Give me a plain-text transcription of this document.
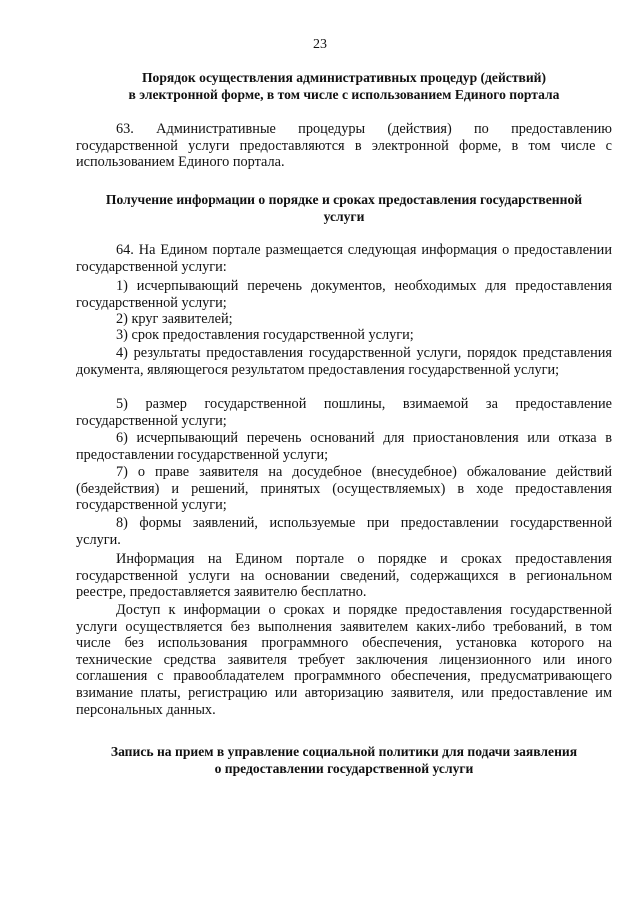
23
Порядок осуществления административных процедур (действий)
в электронной форме, в том числе с использованием Единого портала
63. Административные процедуры (действия) по предоставлению государственной услуги предоставляются в электронной форме, в том числе с использованием Единого портала.
Получение информации о порядке и сроках предоставления государственной
услуги
64. На Едином портале размещается следующая информация о предоставлении государственной услуги:
1) исчерпывающий перечень документов, необходимых для предоставления государственной услуги;
2) круг заявителей;
3) срок предоставления государственной услуги;
4) результаты предоставления государственной услуги, порядок представления документа, являющегося результатом предоставления государственной услуги;
5) размер государственной пошлины, взимаемой за предоставление государственной услуги;
6) исчерпывающий перечень оснований для приостановления или отказа в предоставлении государственной услуги;
7) о праве заявителя на досудебное (внесудебное) обжалование действий (бездействия) и решений, принятых (осуществляемых) в ходе предоставления государственной услуги;
8) формы заявлений, используемые при предоставлении государственной услуги.
Информация на Едином портале о порядке и сроках предоставления государственной услуги на основании сведений, содержащихся в региональном реестре, предоставляется заявителю бесплатно.
Доступ к информации о сроках и порядке предоставления государственной услуги осуществляется без выполнения заявителем каких-либо требований, в том числе без использования программного обеспечения, установка которого на технические средства заявителя требует заключения лицензионного или иного соглашения с правообладателем программного обеспечения, предусматривающего взимание платы, регистрацию или авторизацию заявителя, или предоставление им персональных данных.
Запись на прием в управление социальной политики для подачи заявления
о предоставлении государственной услуги
